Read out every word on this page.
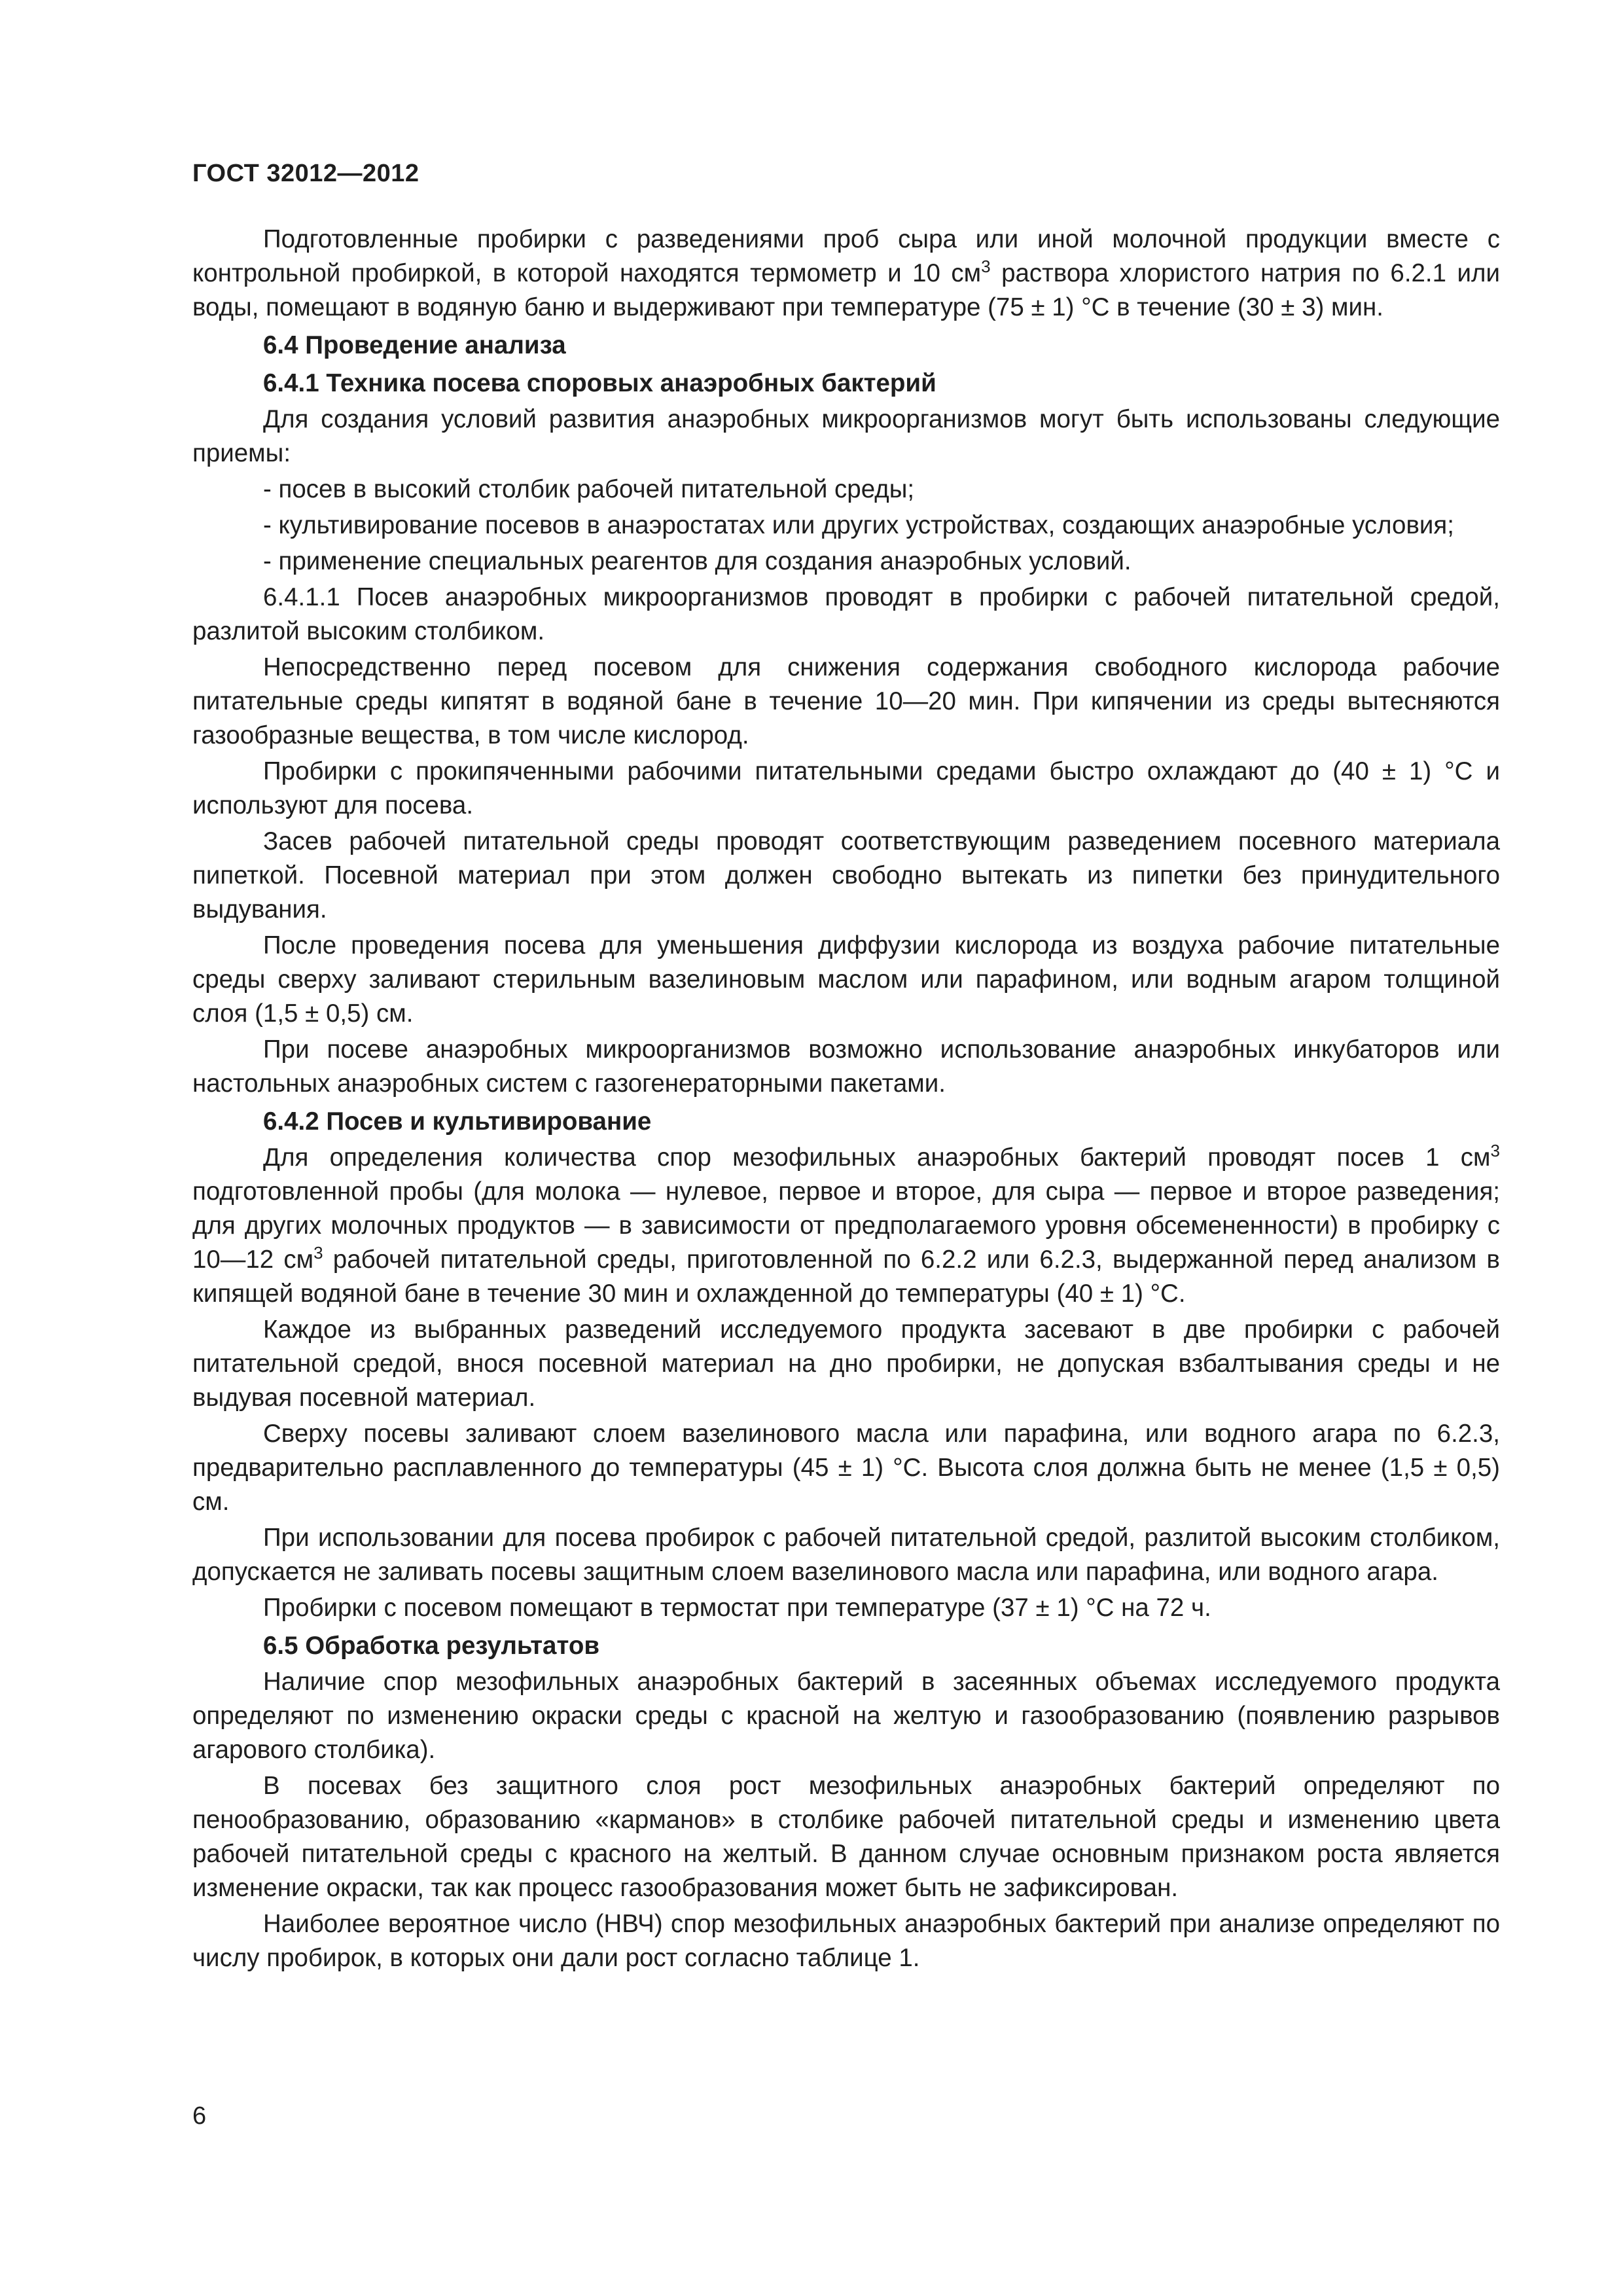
ГОСТ 32012—2012

Подготовленные пробирки с разведениями проб сыра или иной молочной продукции вместе с контрольной пробиркой, в которой находятся термометр и 10 $см^3$ раствора хлористого натрия по 6.2.1 или воды, помещают в водяную баню и выдерживают при температуре (75 ± 1) °С в течение (30 ± 3) мин.

6.4 Проведение анализа
6.4.1 Техника посева споровых анаэробных бактерий

Для создания условий развития анаэробных микроорганизмов могут быть использованы следующие приемы:

- посев в высокий столбик рабочей питательной среды;

- культивирование посевов в анаэростатах или других устройствах, создающих анаэробные условия;

- применение специальных реагентов для создания анаэробных условий.

6.4.1.1 Посев анаэробных микроорганизмов проводят в пробирки с рабочей питательной средой, разлитой высоким столбиком.

Непосредственно перед посевом для снижения содержания свободного кислорода рабочие питательные среды кипятят в водяной бане в течение 10—20 мин. При кипячении из среды вытесняются газообразные вещества, в том числе кислород.

Пробирки с прокипяченными рабочими питательными средами быстро охлаждают до (40 ± 1) °С и используют для посева.

Засев рабочей питательной среды проводят соответствующим разведением посевного материала пипеткой. Посевной материал при этом должен свободно вытекать из пипетки без принудительного выдувания.

После проведения посева для уменьшения диффузии кислорода из воздуха рабочие питательные среды сверху заливают стерильным вазелиновым маслом или парафином, или водным агаром толщиной слоя (1,5 ± 0,5) см.

При посеве анаэробных микроорганизмов возможно использование анаэробных инкубаторов или настольных анаэробных систем с газогенераторными пакетами.

6.4.2 Посев и культивирование

Для определения количества спор мезофильных анаэробных бактерий проводят посев 1 $см^3$ подготовленной пробы (для молока — нулевое, первое и второе, для сыра — первое и второе разведения; для других молочных продуктов — в зависимости от предполагаемого уровня обсемененности) в пробирку с 10—12 $см^3$ рабочей питательной среды, приготовленной по 6.2.2 или 6.2.3, выдержанной перед анализом в кипящей водяной бане в течение 30 мин и охлажденной до температуры (40 ± 1) °С.

Каждое из выбранных разведений исследуемого продукта засевают в две пробирки с рабочей питательной средой, внося посевной материал на дно пробирки, не допуская взбалтывания среды и не выдувая посевной материал.

Сверху посевы заливают слоем вазелинового масла или парафина, или водного агара по 6.2.3, предварительно расплавленного до температуры (45 ± 1) °С. Высота слоя должна быть не менее (1,5 ± 0,5) см.

При использовании для посева пробирок с рабочей питательной средой, разлитой высоким столбиком, допускается не заливать посевы защитным слоем вазелинового масла или парафина, или водного агара.

Пробирки с посевом помещают в термостат при температуре (37 ± 1) °С на 72 ч.

6.5 Обработка результатов

Наличие спор мезофильных анаэробных бактерий в засеянных объемах исследуемого продукта определяют по изменению окраски среды с красной на желтую и газообразованию (появлению разрывов агарового столбика).

В посевах без защитного слоя рост мезофильных анаэробных бактерий определяют по пенообразованию, образованию «карманов» в столбике рабочей питательной среды и изменению цвета рабочей питательной среды с красного на желтый. В данном случае основным признаком роста является изменение окраски, так как процесс газообразования может быть не зафиксирован.

Наиболее вероятное число (НВЧ) спор мезофильных анаэробных бактерий при анализе определяют по числу пробирок, в которых они дали рост согласно таблице 1.

6
